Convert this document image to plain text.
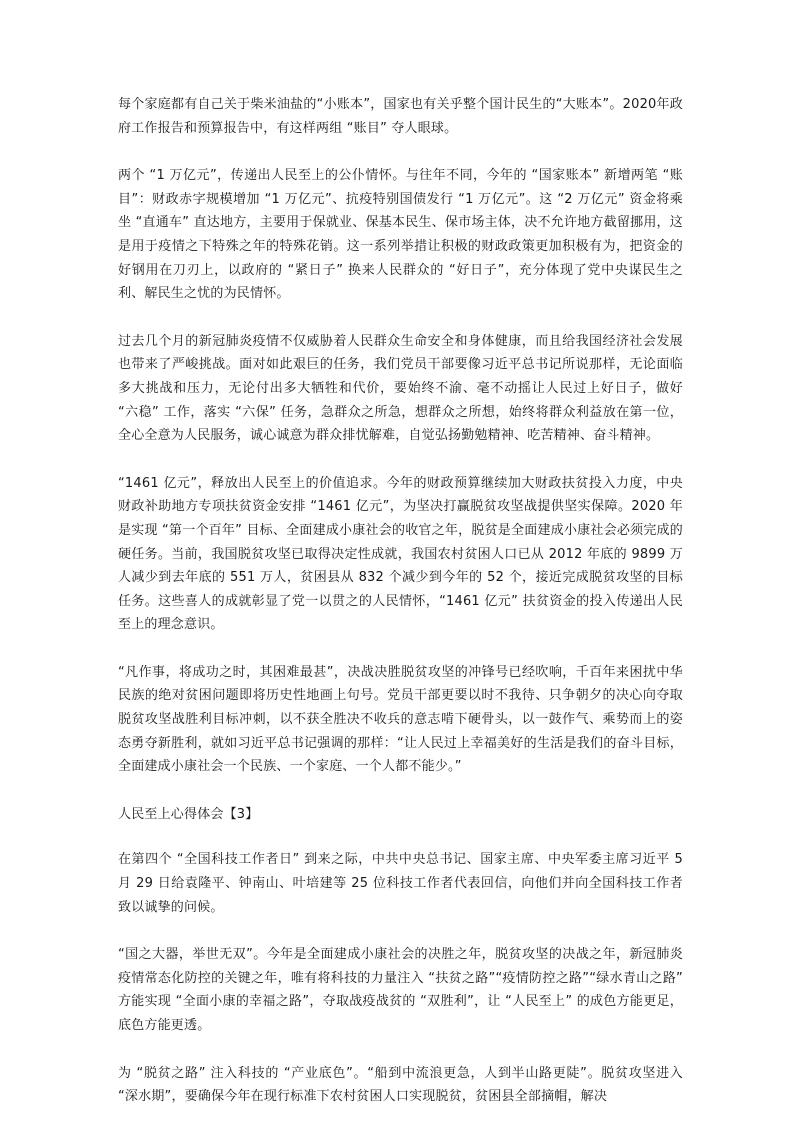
每个家庭都有自己关于柴米油盐的“小账本”，国家也有关乎整个国计民生的“大账本”。2020年政府工作报告和预算报告中，有这样两组 “账目” 夺人眼球。

两个 “1 万亿元”，传递出人民至上的公仆情怀。与往年不同，今年的 “国家账本” 新增两笔 “账目”：财政赤字规模增加 “1 万亿元”、抗疫特别国债发行 “1 万亿元”。这 “2 万亿元” 资金将乘坐 “直通车” 直达地方，主要用于保就业、保基本民生、保市场主体，决不允许地方截留挪用，这是用于疫情之下特殊之年的特殊花销。这一系列举措让积极的财政政策更加积极有为，把资金的好钢用在刀刃上，以政府的 “紧日子” 换来人民群众的 “好日子”，充分体现了党中央谋民生之利、解民生之忧的为民情怀。

过去几个月的新冠肺炎疫情不仅威胁着人民群众生命安全和身体健康，而且给我国经济社会发展也带来了严峻挑战。面对如此艰巨的任务，我们党员干部要像习近平总书记所说那样，无论面临多大挑战和压力，无论付出多大牺牲和代价，要始终不渝、毫不动摇让人民过上好日子，做好 “六稳” 工作，落实 “六保” 任务，急群众之所急，想群众之所想，始终将群众利益放在第一位，全心全意为人民服务，诚心诚意为群众排忧解难，自觉弘扬勤勉精神、吃苦精神、奋斗精神。

“1461 亿元”，释放出人民至上的价值追求。今年的财政预算继续加大财政扶贫投入力度，中央财政补助地方专项扶贫资金安排 “1461 亿元”，为坚决打赢脱贫攻坚战提供坚实保障。2020 年是实现 “第一个百年” 目标、全面建成小康社会的收官之年，脱贫是全面建成小康社会必须完成的硬任务。当前，我国脱贫攻坚已取得决定性成就，我国农村贫困人口已从 2012 年底的 9899 万人减少到去年底的 551 万人，贫困县从 832 个减少到今年的 52 个，接近完成脱贫攻坚的目标任务。这些喜人的成就彰显了党一以贯之的人民情怀，“1461 亿元” 扶贫资金的投入传递出人民至上的理念意识。

“凡作事，将成功之时，其困难最甚”，决战决胜脱贫攻坚的冲锋号已经吹响，千百年来困扰中华民族的绝对贫困问题即将历史性地画上句号。党员干部更要以时不我待、只争朝夕的决心向夺取脱贫攻坚战胜利目标冲刺，以不获全胜决不收兵的意志啃下硬骨头，以一鼓作气、乘势而上的姿态勇夺新胜利，就如习近平总书记强调的那样：“让人民过上幸福美好的生活是我们的奋斗目标，全面建成小康社会一个民族、一个家庭、一个人都不能少。”

人民至上心得体会【3】

在第四个 “全国科技工作者日” 到来之际，中共中央总书记、国家主席、中央军委主席习近平 5 月 29 日给袁隆平、钟南山、叶培建等 25 位科技工作者代表回信，向他们并向全国科技工作者致以诚挚的问候。

“国之大器，举世无双”。今年是全面建成小康社会的决胜之年，脱贫攻坚的决战之年，新冠肺炎疫情常态化防控的关键之年，唯有将科技的力量注入 “扶贫之路”“疫情防控之路”“绿水青山之路” 方能实现 “全面小康的幸福之路”，夺取战疫战贫的 “双胜利”，让 “人民至上” 的成色方能更足，底色方能更透。

为 “脱贫之路” 注入科技的 “产业底色”。“船到中流浪更急，人到半山路更陡”。脱贫攻坚进入 “深水期”，要确保今年在现行标准下农村贫困人口实现脱贫，贫困县全部摘帽，解决
